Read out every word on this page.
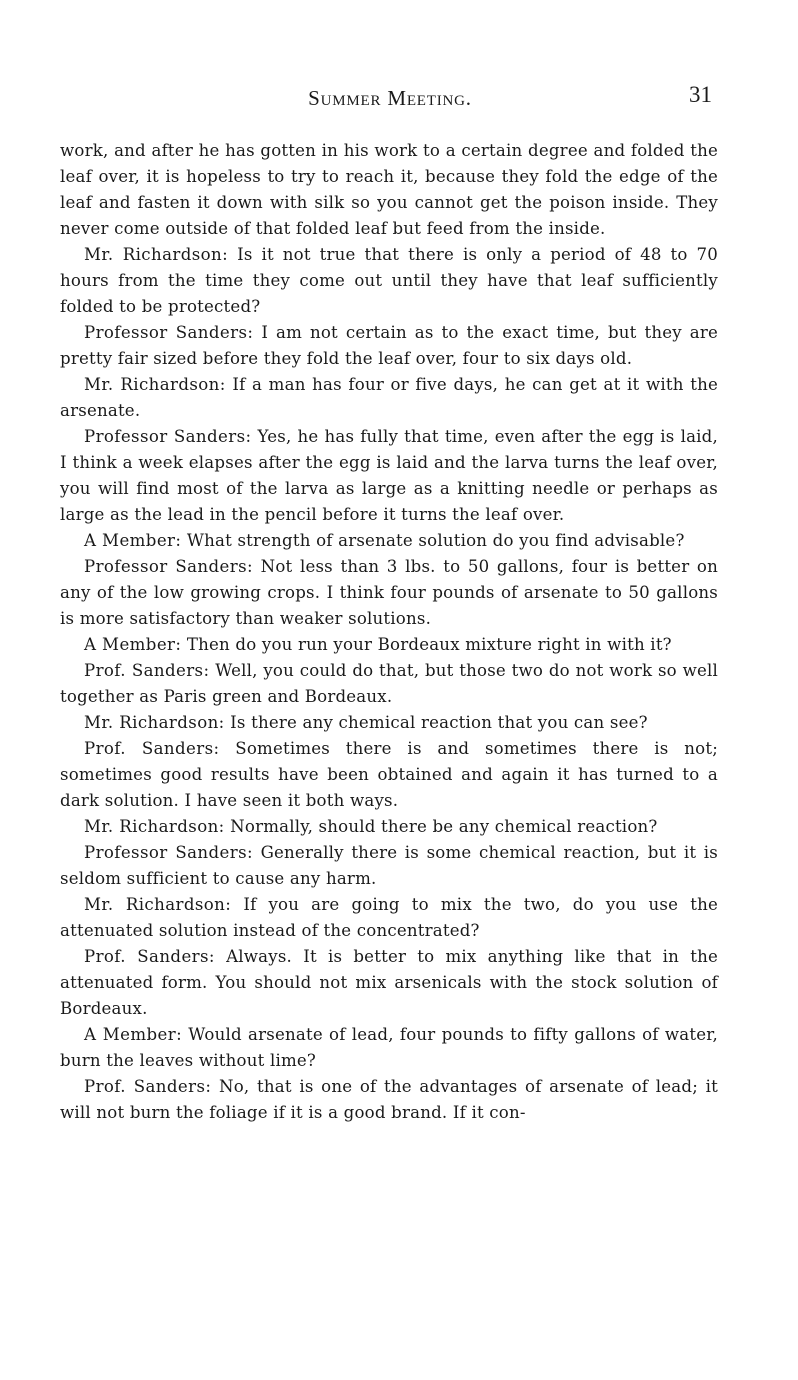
Summer Meeting.	31

work, and after he has gotten in his work to a certain degree and folded the leaf over, it is hopeless to try to reach it, because they fold the edge of the leaf and fasten it down with silk so you cannot get the poison inside. They never come outside of that folded leaf but feed from the inside.

Mr. Richardson: Is it not true that there is only a period of 48 to 70 hours from the time they come out until they have that leaf sufficiently folded to be protected?

Professor Sanders: I am not certain as to the exact time, but they are pretty fair sized before they fold the leaf over, four to six days old.

Mr. Richardson: If a man has four or five days, he can get at it with the arsenate.

Professor Sanders: Yes, he has fully that time, even after the egg is laid, I think a week elapses after the egg is laid and the larva turns the leaf over, you will find most of the larva as large as a knitting needle or perhaps as large as the lead in the pencil before it turns the leaf over.

A Member: What strength of arsenate solution do you find advisable?

Professor Sanders: Not less than 3 lbs. to 50 gallons, four is better on any of the low growing crops. I think four pounds of arsenate to 50 gallons is more satisfactory than weaker solutions.

A Member: Then do you run your Bordeaux mixture right in with it?

Prof. Sanders: Well, you could do that, but those two do not work so well together as Paris green and Bordeaux.

Mr. Richardson: Is there any chemical reaction that you can see?

Prof. Sanders: Sometimes there is and sometimes there is not; sometimes good results have been obtained and again it has turned to a dark solution. I have seen it both ways.

Mr. Richardson: Normally, should there be any chemical reaction?

Professor Sanders: Generally there is some chemical reaction, but it is seldom sufficient to cause any harm.

Mr. Richardson: If you are going to mix the two, do you use the attenuated solution instead of the concentrated?

Prof. Sanders: Always. It is better to mix anything like that in the attenuated form. You should not mix arsenicals with the stock solution of Bordeaux.

A Member: Would arsenate of lead, four pounds to fifty gallons of water, burn the leaves without lime?

Prof. Sanders: No, that is one of the advantages of arsenate of lead; it will not burn the foliage if it is a good brand. If it con-
